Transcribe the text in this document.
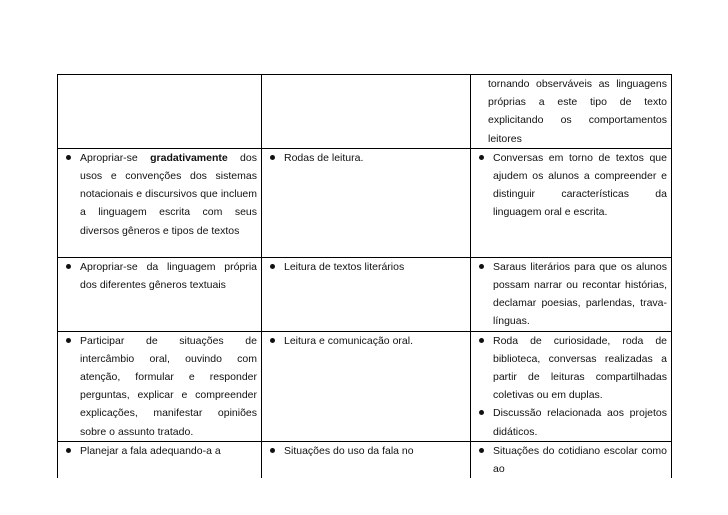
		tornando observáveis as linguagens próprias a este tipo de texto explicitando os comportamentos leitores

Apropriar-se gradativamente dos usos e convenções dos sistemas notacionais e discursivos que incluem a linguagem escrita com seus diversos gêneros e tipos de textos	Rodas de leitura.	Conversas em torno de textos que ajudem os alunos a compreender e distinguir características da linguagem oral e escrita.

Apropriar-se da linguagem própria dos diferentes gêneros textuais	Leitura de textos literários	Saraus literários para que os alunos possam narrar ou recontar histórias, declamar poesias, parlendas, trava-línguas.

Participar de situações de intercâmbio oral, ouvindo com atenção, formular e responder perguntas, explicar e compreender explicações, manifestar opiniões sobre o assunto tratado.	Leitura e comunicação oral.	Roda de curiosidade, roda de biblioteca, conversas realizadas a partir de leituras compartilhadas coletivas ou em duplas.
Discussão relacionada aos projetos didáticos.

Planejar a fala adequando-a a	Situações do uso da fala no	Situações do cotidiano escolar como ao
